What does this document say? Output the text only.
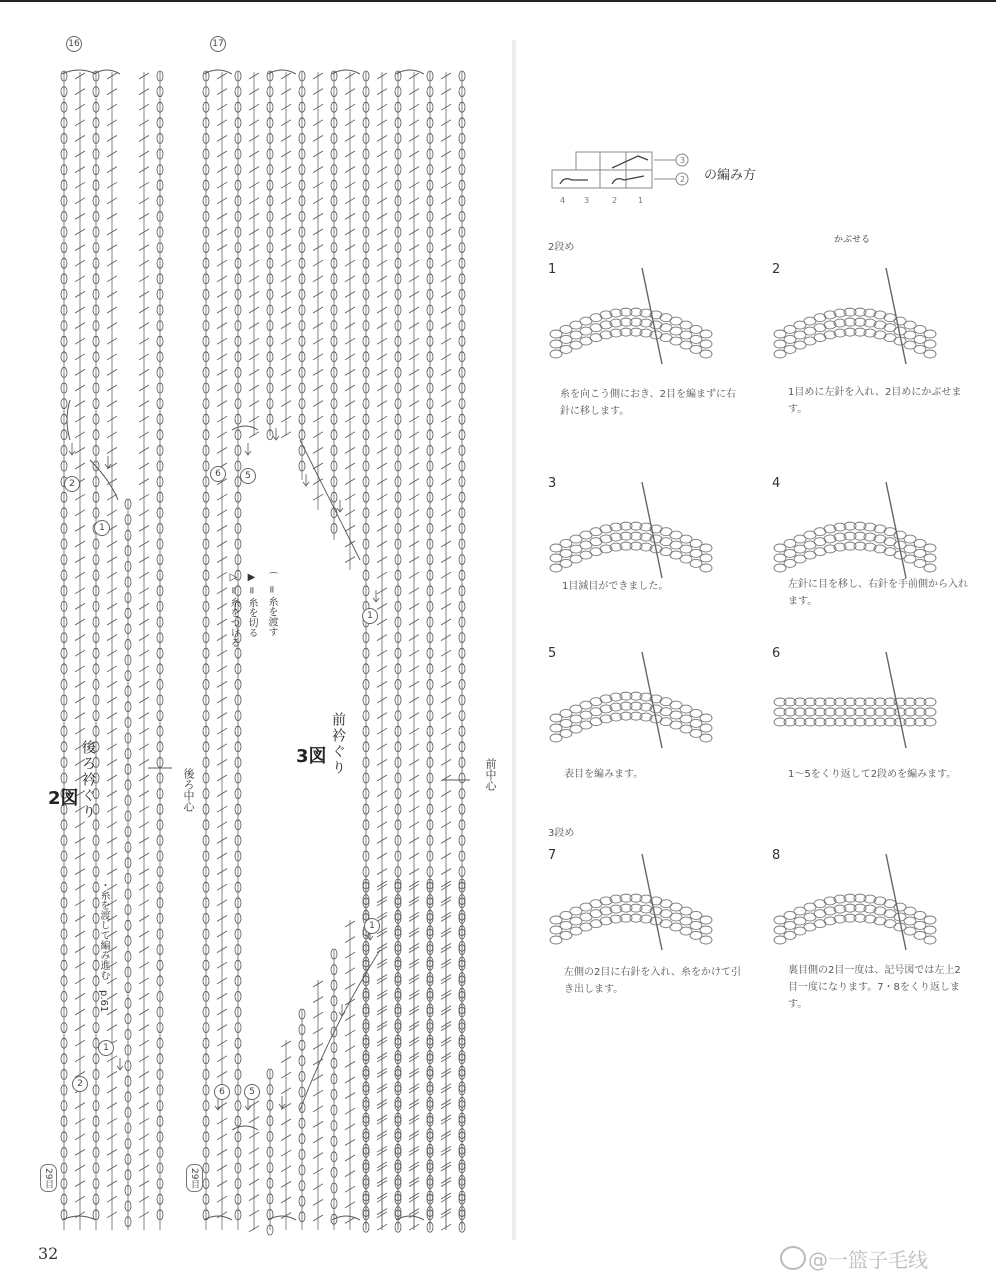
16
2
1
1
2
29目
2図 後ろ衿ぐり	後ろ中心
・糸を渡して編み進む　p.61
17
6	5
1
1
6	5
29目
3図 前衿ぐり	前中心
▷ = 糸をつける ▶ = 糸を切る ⌒ = 糸を渡す
32
3
2 の編み方
4 3	2	1
2段め
3段め
1
糸を向こう側におき、2目を編まずに右針に移します。
2
かぶせる
1目めに左針を入れ、2目めにかぶせます。
3
1目減目ができました。
4
左針に目を移し、右針を手前側から入れます。
5
表目を編みます。
6
1〜5をくり返して2段めを編みます。
7
左側の2目に右針を入れ、糸をかけて引き出します。
8
裏目側の2目一度は、記号図では左上2目一度になります。7・8をくり返します。
@一篮子毛线
